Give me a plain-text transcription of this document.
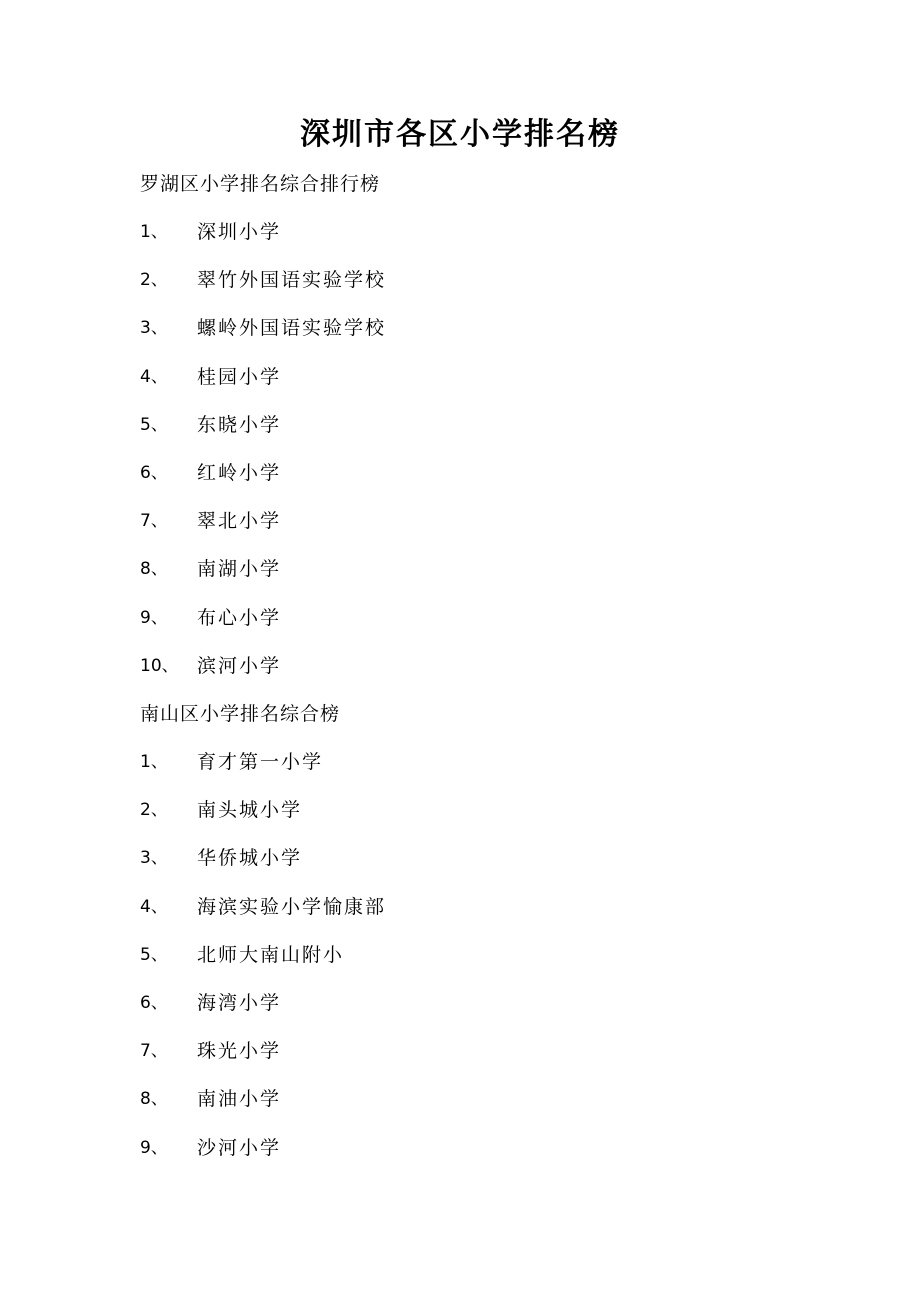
深圳市各区小学排名榜
罗湖区小学排名综合排行榜
1、	深圳小学
2、	翠竹外国语实验学校
3、	螺岭外国语实验学校
4、	桂园小学
5、	东晓小学
6、	红岭小学
7、	翠北小学
8、	南湖小学
9、	布心小学
10、 滨河小学
南山区小学排名综合榜
1、	育才第一小学
2、	南头城小学
3、	华侨城小学
4、	海滨实验小学愉康部
5、	北师大南山附小
6、	海湾小学
7、	珠光小学
8、	南油小学
9、	沙河小学
